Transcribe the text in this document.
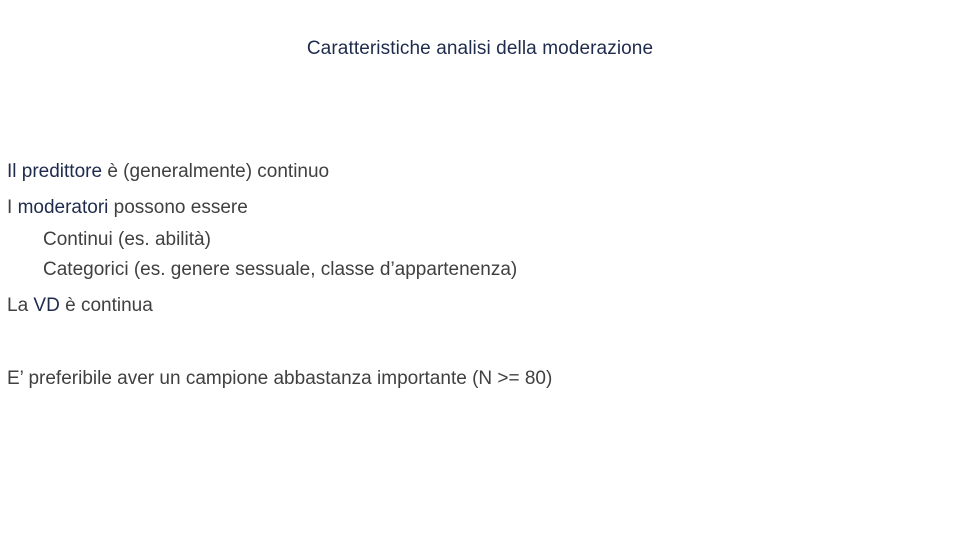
Caratteristiche analisi della moderazione
Il predittore è (generalmente) continuo
I moderatori possono essere
Continui (es. abilità)
Categorici (es. genere sessuale, classe d’appartenenza)
La VD è continua
E’ preferibile aver un campione abbastanza importante (N >= 80)
